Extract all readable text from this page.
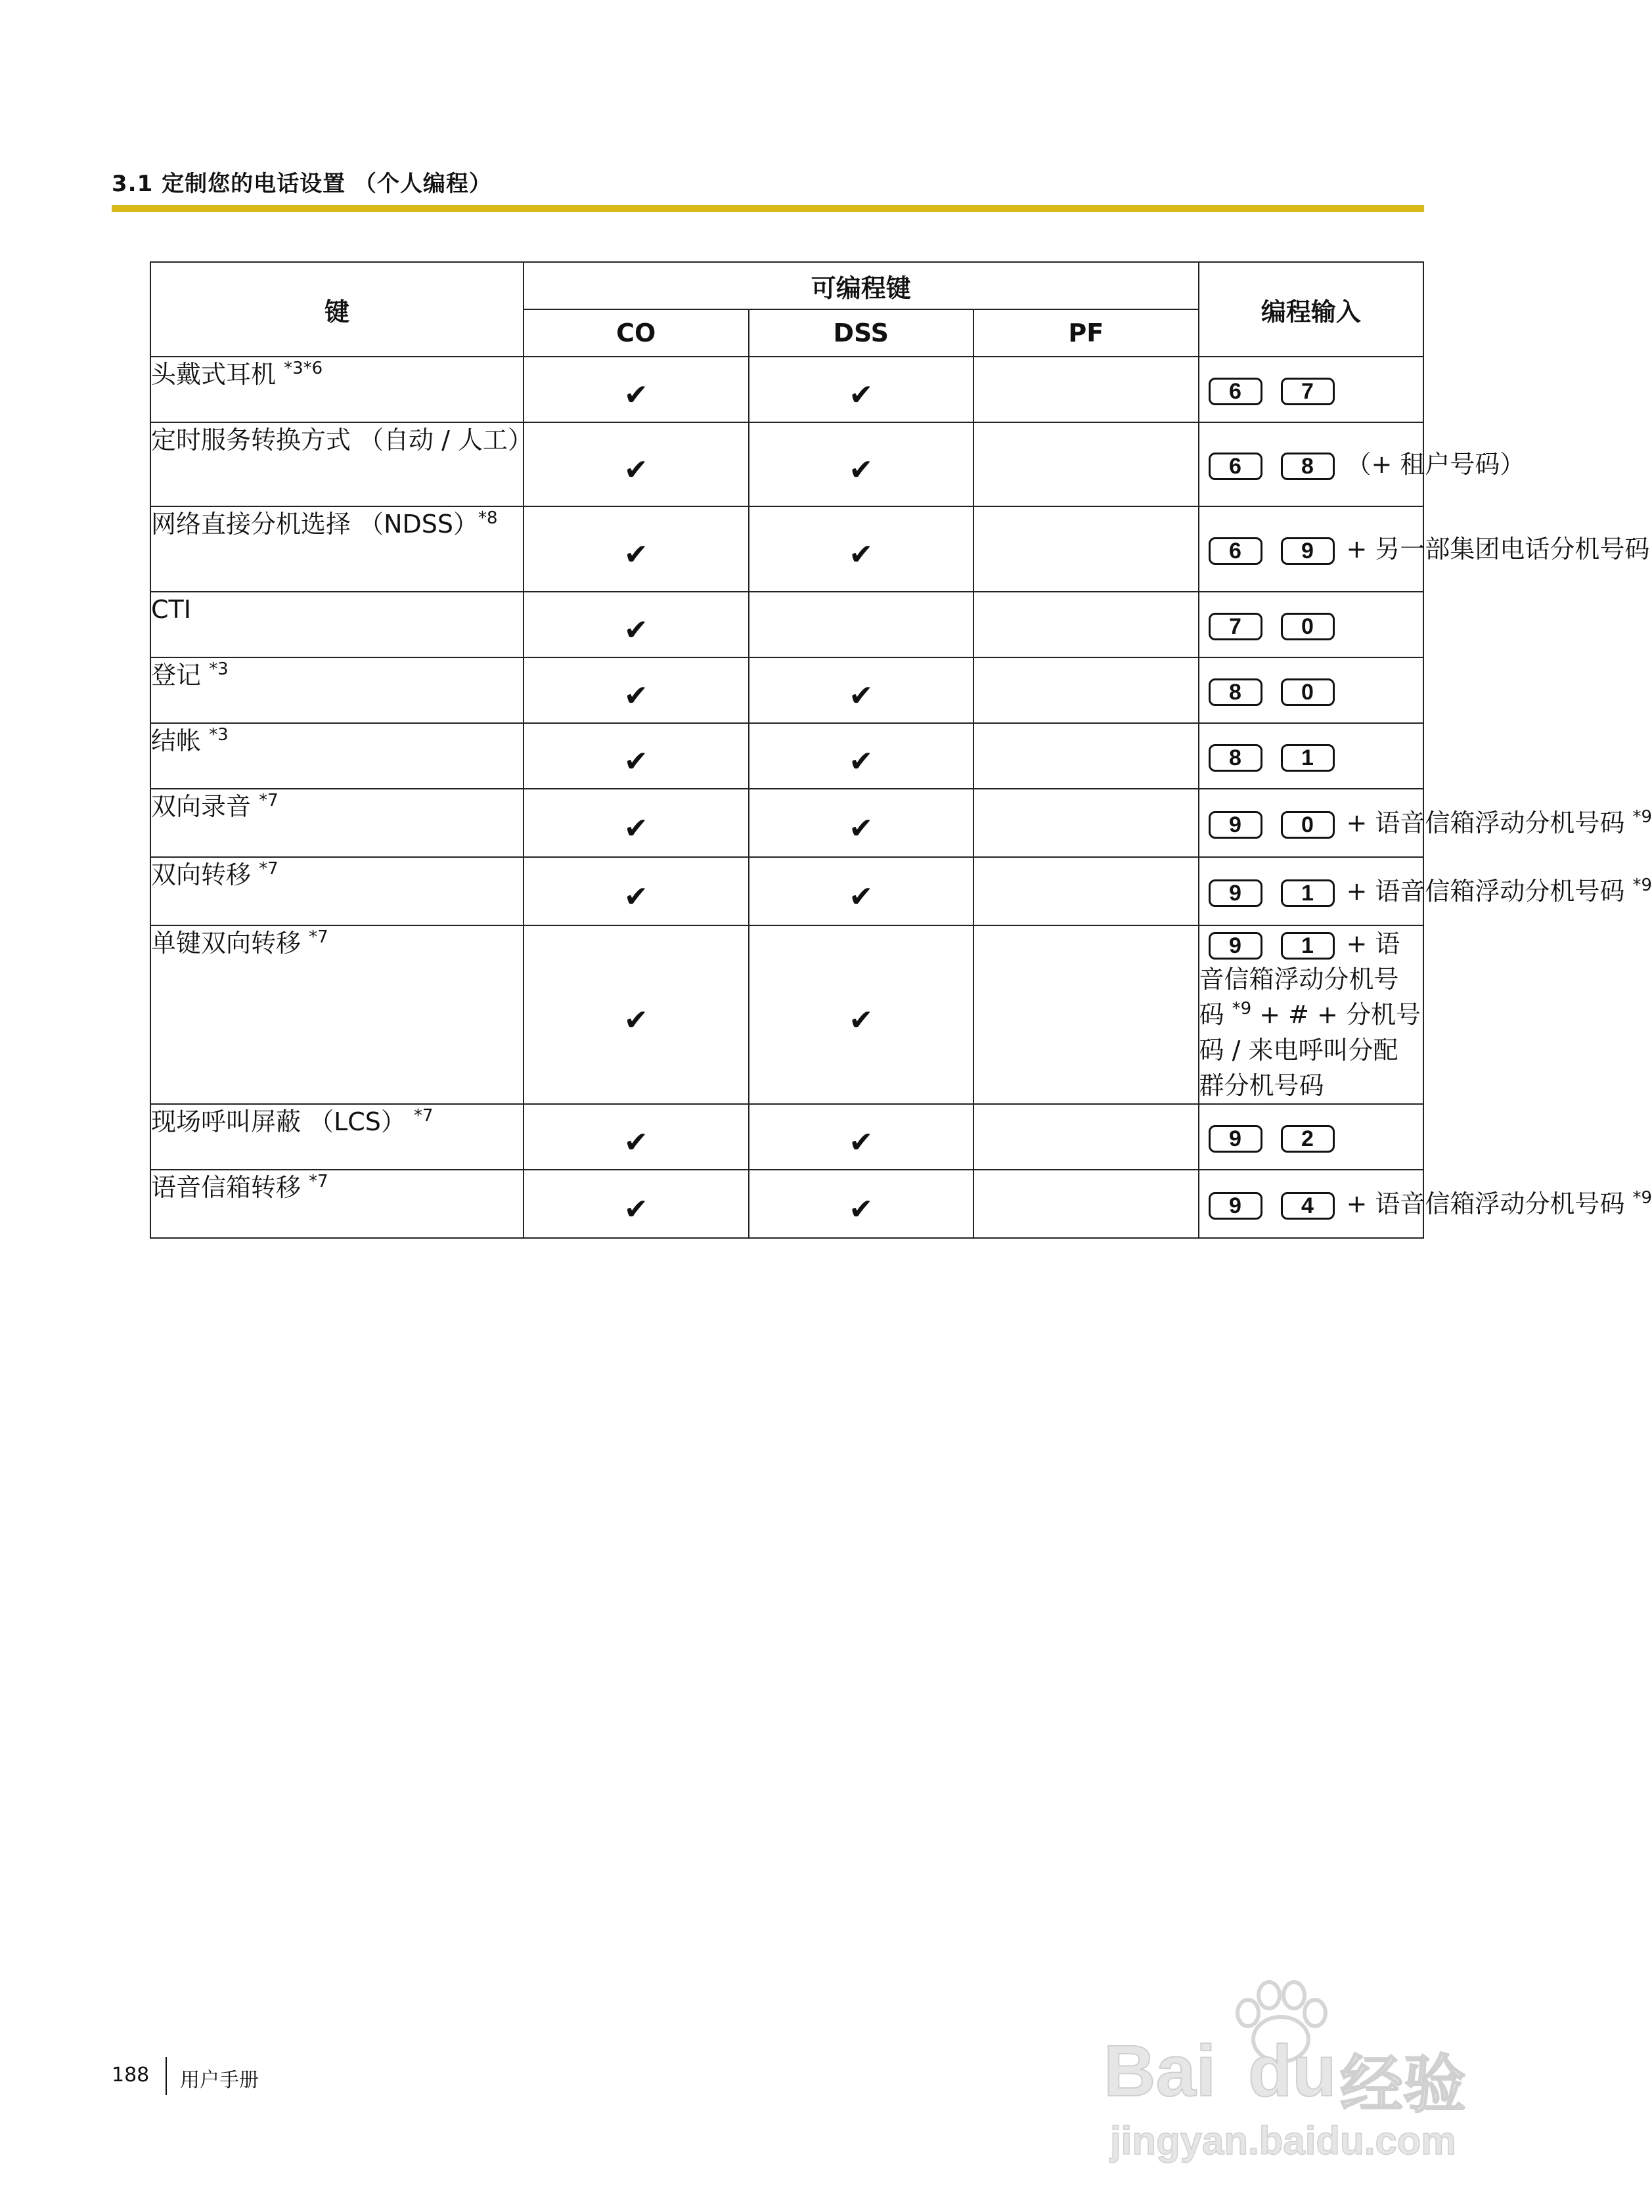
3.1 定制您的电话设置 （个人编程）
键	可编程键			编程输入
	CO	DSS	PF	
头戴式耳机 $^{*3*6}$	✔	✔		6 7
定时服务转换方式 （自动 / 人工）	✔	✔		6 8 （+ 租户号码）
网络直接分机选择 （NDSS）$^{*8}$	✔	✔		6 9 + 另一部集团电话分机号码
CTI	✔			7 0
登记 $^{*3}$	✔	✔		8 0
结帐 $^{*3}$	✔	✔		8 1
双向录音 $^{*7}$	✔	✔		9 0 + 语音信箱浮动分机号码 $^{*9}$
双向转移 $^{*7}$	✔	✔		9 1 + 语音信箱浮动分机号码 $^{*9}$
单键双向转移 $^{*7}$	✔	✔		9 1 + 语音信箱浮动分机号码 $^{*9}$ + # + 分机号码 / 来电呼叫分配群分机号码
现场呼叫屏蔽 （LCS） $^{*7}$	✔	✔		9 2
语音信箱转移 $^{*7}$	✔	✔		9 4 + 语音信箱浮动分机号码 $^{*9}$
188 用户手册	Bai du 经验
jingyan.baidu.com
